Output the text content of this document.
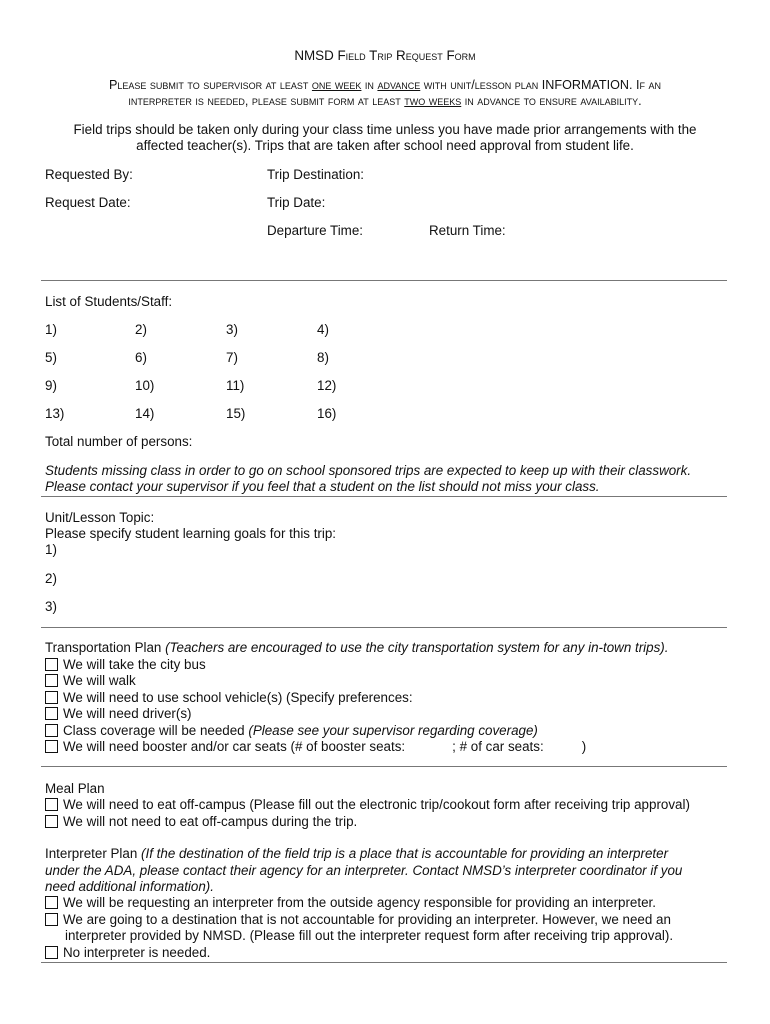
NMSD Field Trip Request Form
Please submit to supervisor at least one week in advance with unit/lesson plan INFORMATION. If an
interpreter is needed, please submit form at least two weeks in advance to ensure availability.
Field trips should be taken only during your class time unless you have made prior arrangements with the
affected teacher(s). Trips that are taken after school need approval from student life.
Requested By:	Trip Destination:
Request Date:	Trip Date:
Departure Time:	Return Time:
List of Students/Staff:
1)	2)	3)	4)
5)	6)	7)	8)
9)	10)	11)	12)
13)	14)	15)	16)
Total number of persons:
Students missing class in order to go on school sponsored trips are expected to keep up with their classwork.
Please contact your supervisor if you feel that a student on the list should not miss your class.
Unit/Lesson Topic:
Please specify student learning goals for this trip:
1)
2)
3)
Transportation Plan (Teachers are encouraged to use the city transportation system for any in-town trips).
We will take the city bus
We will walk
We will need to use school vehicle(s) (Specify preferences:
We will need driver(s)
Class coverage will be needed (Please see your supervisor regarding coverage)
We will need booster and/or car seats (# of booster seats:	; # of car seats:	)
Meal Plan
We will need to eat off-campus (Please fill out the electronic trip/cookout form after receiving trip approval)
We will not need to eat off-campus during the trip.
Interpreter Plan (If the destination of the field trip is a place that is accountable for providing an interpreter
under the ADA, please contact their agency for an interpreter. Contact NMSD’s interpreter coordinator if you
need additional information).
We will be requesting an interpreter from the outside agency responsible for providing an interpreter.
We are going to a destination that is not accountable for providing an interpreter. However, we need an
interpreter provided by NMSD. (Please fill out the interpreter request form after receiving trip approval).
No interpreter is needed.
